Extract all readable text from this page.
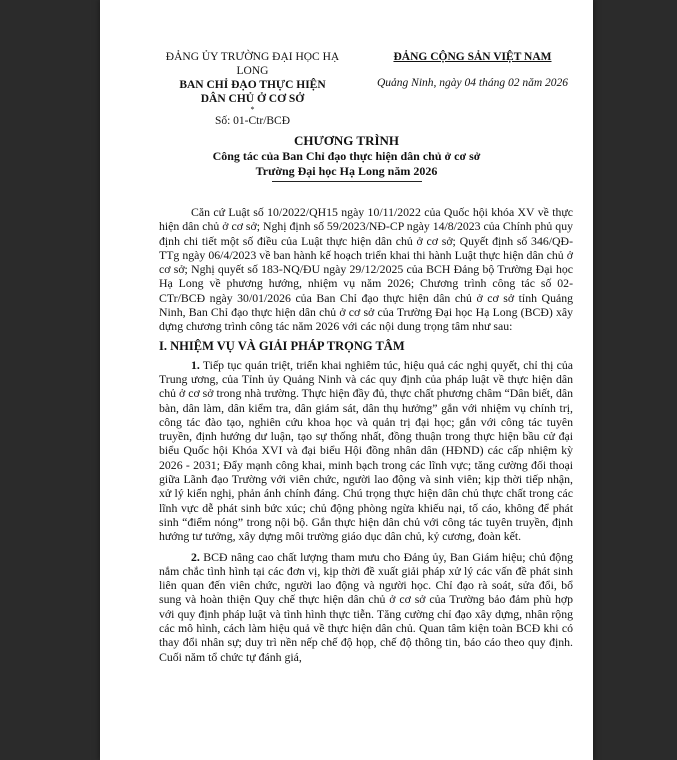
ĐẢNG ỦY TRƯỜNG ĐẠI HỌC HẠ LONG
BAN CHỈ ĐẠO THỰC HIỆN
DÂN CHỦ Ở CƠ SỞ
*
Số: 01-Ctr/BCĐ
ĐẢNG CỘNG SẢN VIỆT NAM
Quảng Ninh, ngày 04 tháng 02 năm 2026
CHƯƠNG TRÌNH
Công tác của Ban Chỉ đạo thực hiện dân chủ ở cơ sở
Trường Đại học Hạ Long năm 2026

Căn cứ Luật số 10/2022/QH15 ngày 10/11/2022 của Quốc hội khóa XV về thực hiện dân chủ ở cơ sở; Nghị định số 59/2023/NĐ-CP ngày 14/8/2023 của Chính phủ quy định chi tiết một số điều của Luật thực hiện dân chủ ở cơ sở; Quyết định số 346/QĐ-TTg ngày 06/4/2023 về ban hành kế hoạch triển khai thi hành Luật thực hiện dân chủ ở cơ sở; Nghị quyết số 183-NQ/ĐU ngày 29/12/2025 của BCH Đảng bộ Trường Đại học Hạ Long về phương hướng, nhiệm vụ năm 2026; Chương trình công tác số 02-CTr/BCĐ ngày 30/01/2026 của Ban Chỉ đạo thực hiện dân chủ ở cơ sở tỉnh Quảng Ninh, Ban Chỉ đạo thực hiện dân chủ ở cơ sở của Trường Đại học Hạ Long (BCĐ) xây dựng chương trình công tác năm 2026 với các nội dung trọng tâm như sau:

I. NHIỆM VỤ VÀ GIẢI PHÁP TRỌNG TÂM

1. Tiếp tục quán triệt, triển khai nghiêm túc, hiệu quả các nghị quyết, chỉ thị của Trung ương, của Tỉnh ủy Quảng Ninh và các quy định của pháp luật về thực hiện dân chủ ở cơ sở trong nhà trường. Thực hiện đầy đủ, thực chất phương châm “Dân biết, dân bàn, dân làm, dân kiểm tra, dân giám sát, dân thụ hưởng” gắn với nhiệm vụ chính trị, công tác đào tạo, nghiên cứu khoa học và quản trị đại học; gắn với công tác tuyên truyền, định hướng dư luận, tạo sự thống nhất, đồng thuận trong thực hiện bầu cử đại biểu Quốc hội Khóa XVI và đại biểu Hội đồng nhân dân (HĐND) các cấp nhiệm kỳ 2026 - 2031; Đẩy mạnh công khai, minh bạch trong các lĩnh vực; tăng cường đối thoại giữa Lãnh đạo Trường với viên chức, người lao động và sinh viên; kịp thời tiếp nhận, xử lý kiến nghị, phản ánh chính đáng. Chú trọng thực hiện dân chủ thực chất trong các lĩnh vực dễ phát sinh bức xúc; chủ động phòng ngừa khiếu nại, tố cáo, không để phát sinh “điểm nóng” trong nội bộ. Gắn thực hiện dân chủ với công tác tuyên truyền, định hướng tư tưởng, xây dựng môi trường giáo dục dân chủ, kỷ cương, đoàn kết.

2. BCĐ nâng cao chất lượng tham mưu cho Đảng ủy, Ban Giám hiệu; chủ động nắm chắc tình hình tại các đơn vị, kịp thời đề xuất giải pháp xử lý các vấn đề phát sinh liên quan đến viên chức, người lao động và người học. Chỉ đạo rà soát, sửa đổi, bổ sung và hoàn thiện Quy chế thực hiện dân chủ ở cơ sở của Trường bảo đảm phù hợp với quy định pháp luật và tình hình thực tiễn. Tăng cường chỉ đạo xây dựng, nhân rộng các mô hình, cách làm hiệu quả về thực hiện dân chủ. Quan tâm kiện toàn BCĐ khi có thay đổi nhân sự; duy trì nền nếp chế độ họp, chế độ thông tin, báo cáo theo quy định. Cuối năm tổ chức tự đánh giá,
